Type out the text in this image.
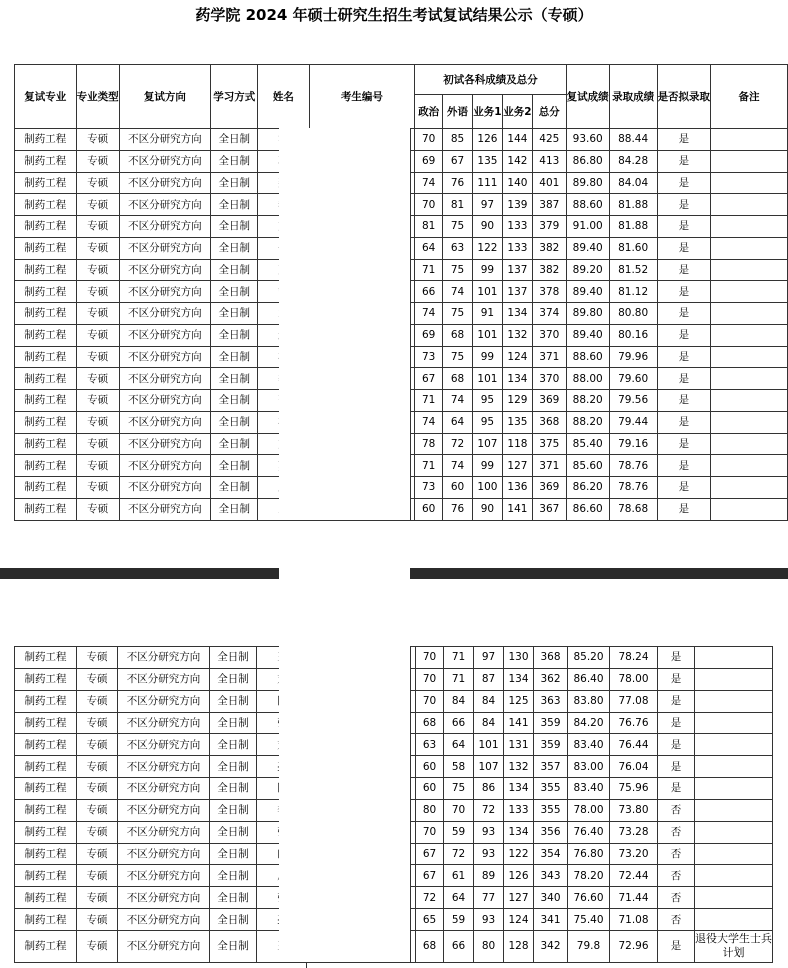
药学院 2024 年硕士研究生招生考试复试结果公示（专硕）
复试专业	专业类型	复试方向	学习方式	姓名	考生编号	初试各科成绩及总分					复试成绩	录取成绩	是否拟录取	备注
						政治	外语	业务1	业务2	总分				
制药工程	专硕	不区分研究方向	全日制			70	85	126	144	425	93.60	88.44	是	
制药工程	专硕	不区分研究方向	全日制			69	67	135	142	413	86.80	84.28	是	
制药工程	专硕	不区分研究方向	全日制			74	76	111	140	401	89.80	84.04	是	
制药工程	专硕	不区分研究方向	全日制			70	81	97	139	387	88.60	81.88	是	
制药工程	专硕	不区分研究方向	全日制			81	75	90	133	379	91.00	81.88	是	
制药工程	专硕	不区分研究方向	全日制			64	63	122	133	382	89.40	81.60	是	
制药工程	专硕	不区分研究方向	全日制			71	75	99	137	382	89.20	81.52	是	
制药工程	专硕	不区分研究方向	全日制			66	74	101	137	378	89.40	81.12	是	
制药工程	专硕	不区分研究方向	全日制			74	75	91	134	374	89.80	80.80	是	
制药工程	专硕	不区分研究方向	全日制			69	68	101	132	370	89.40	80.16	是	
制药工程	专硕	不区分研究方向	全日制			73	75	99	124	371	88.60	79.96	是	
制药工程	专硕	不区分研究方向	全日制			67	68	101	134	370	88.00	79.60	是	
制药工程	专硕	不区分研究方向	全日制			71	74	95	129	369	88.20	79.56	是	
制药工程	专硕	不区分研究方向	全日制			74	64	95	135	368	88.20	79.44	是	
制药工程	专硕	不区分研究方向	全日制			78	72	107	118	375	85.40	79.16	是	
制药工程	专硕	不区分研究方向	全日制			71	74	99	127	371	85.60	78.76	是	
制药工程	专硕	不区分研究方向	全日制			73	60	100	136	369	86.20	78.76	是	
制药工程	专硕	不区分研究方向	全日制			60	76	90	141	367	86.60	78.68	是	
制药工程	专硕	不区分研究方向	全日制			70	71	97	130	368	85.20	78.24	是	
制药工程	专硕	不区分研究方向	全日制			70	71	87	134	362	86.40	78.00	是	
制药工程	专硕	不区分研究方向	全日制			70	84	84	125	363	83.80	77.08	是	
制药工程	专硕	不区分研究方向	全日制			68	66	84	141	359	84.20	76.76	是	
制药工程	专硕	不区分研究方向	全日制			63	64	101	131	359	83.40	76.44	是	
制药工程	专硕	不区分研究方向	全日制			60	58	107	132	357	83.00	76.04	是	
制药工程	专硕	不区分研究方向	全日制			60	75	86	134	355	83.40	75.96	是	
制药工程	专硕	不区分研究方向	全日制			80	70	72	133	355	78.00	73.80	否	
制药工程	专硕	不区分研究方向	全日制			70	59	93	134	356	76.40	73.28	否	
制药工程	专硕	不区分研究方向	全日制			67	72	93	122	354	76.80	73.20	否	
制药工程	专硕	不区分研究方向	全日制			67	61	89	126	343	78.20	72.44	否	
制药工程	专硕	不区分研究方向	全日制			72	64	77	127	340	76.60	71.44	否	
制药工程	专硕	不区分研究方向	全日制			65	59	93	124	341	75.40	71.08	否	
制药工程	专硕	不区分研究方向	全日制			68	66	80	128	342	79.8	72.96	是	退役大学生士兵计划
